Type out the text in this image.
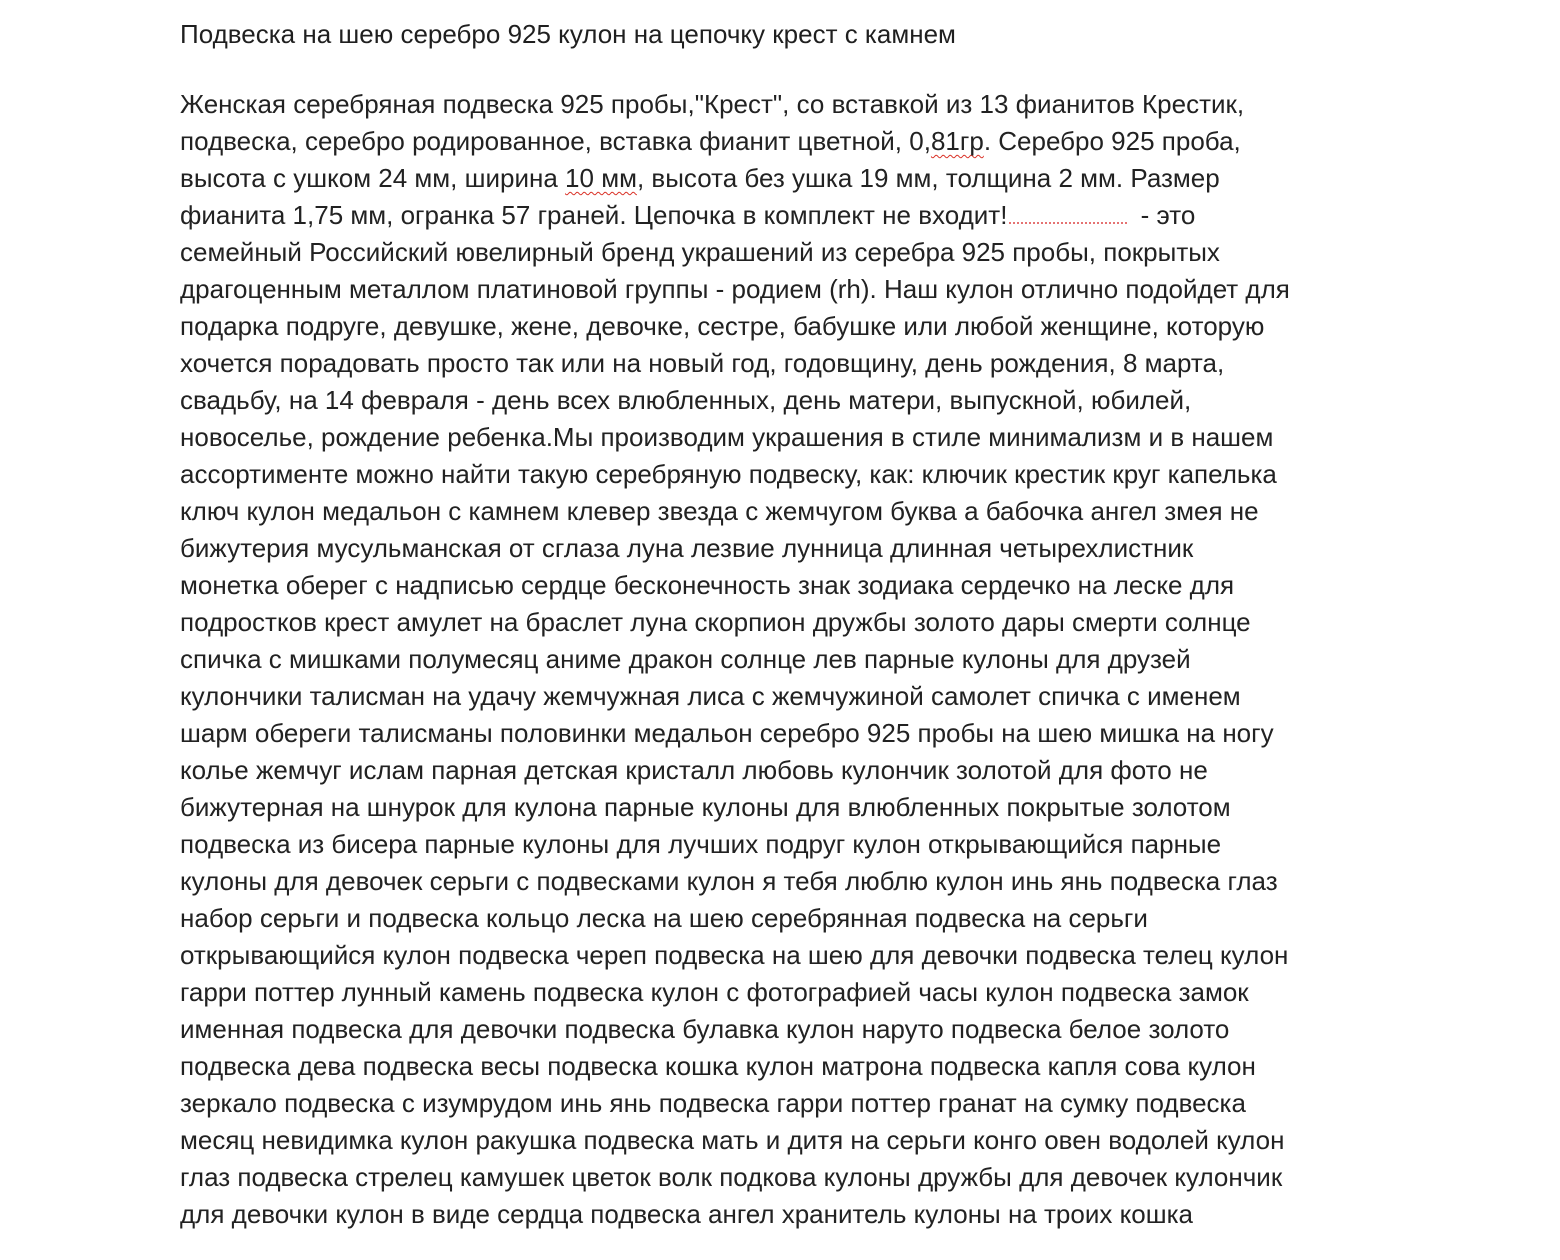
Подвеска на шею серебро 925 кулон на цепочку крест с камнем
Женская серебряная подвеска 925 пробы,"Крест", со вставкой из 13 фианитов Крестик,
подвеска, серебро родированное, вставка фианит цветной, 0,81гр. Серебро 925 проба,
высота с ушком 24 мм, ширина 10 мм, высота без ушка 19 мм, толщина 2 мм. Размер
фианита 1,75 мм, огранка 57 граней. Цепочка в комплект не входит!	- это
семейный Российский ювелирный бренд украшений из серебра 925 пробы, покрытых
драгоценным металлом платиновой группы - родием (rh). Наш кулон отлично подойдет для
подарка подруге, девушке, жене, девочке, сестре, бабушке или любой женщине, которую
хочется порадовать просто так или на новый год, годовщину, день рождения, 8 марта,
свадьбу, на 14 февраля - день всех влюбленных, день матери, выпускной, юбилей,
новоселье, рождение ребенка.Мы производим украшения в стиле минимализм и в нашем
ассортименте можно найти такую серебряную подвеску, как: ключик крестик круг капелька
ключ кулон медальон с камнем клевер звезда с жемчугом буква а бабочка ангел змея не
бижутерия мусульманская от сглаза луна лезвие лунница длинная четырехлистник
монетка оберег с надписью сердце бесконечность знак зодиака сердечко на леске для
подростков крест амулет на браслет луна скорпион дружбы золото дары смерти солнце
спичка с мишками полумесяц аниме дракон солнце лев парные кулоны для друзей
кулончики талисман на удачу жемчужная лиса с жемчужиной самолет спичка с именем
шарм обереги талисманы половинки медальон серебро 925 пробы на шею мишка на ногу
колье жемчуг ислам парная детская кристалл любовь кулончик золотой для фото не
бижутерная на шнурок для кулона парные кулоны для влюбленных покрытые золотом
подвеска из бисера парные кулоны для лучших подруг кулон открывающийся парные
кулоны для девочек серьги с подвесками кулон я тебя люблю кулон инь янь подвеска глаз
набор серьги и подвеска кольцо леска на шею серебрянная подвеска на серьги
открывающийся кулон подвеска череп подвеска на шею для девочки подвеска телец кулон
гарри поттер лунный камень подвеска кулон с фотографией часы кулон подвеска замок
именная подвеска для девочки подвеска булавка кулон наруто подвеска белое золото
подвеска дева подвеска весы подвеска кошка кулон матрона подвеска капля сова кулон
зеркало подвеска с изумрудом инь янь подвеска гарри поттер гранат на сумку подвеска
месяц невидимка кулон ракушка подвеска мать и дитя на серьги конго овен водолей кулон
глаз подвеска стрелец камушек цветок волк подкова кулоны дружбы для девочек кулончик
для девочки кулон в виде сердца подвеска ангел хранитель кулоны на троих кошка
